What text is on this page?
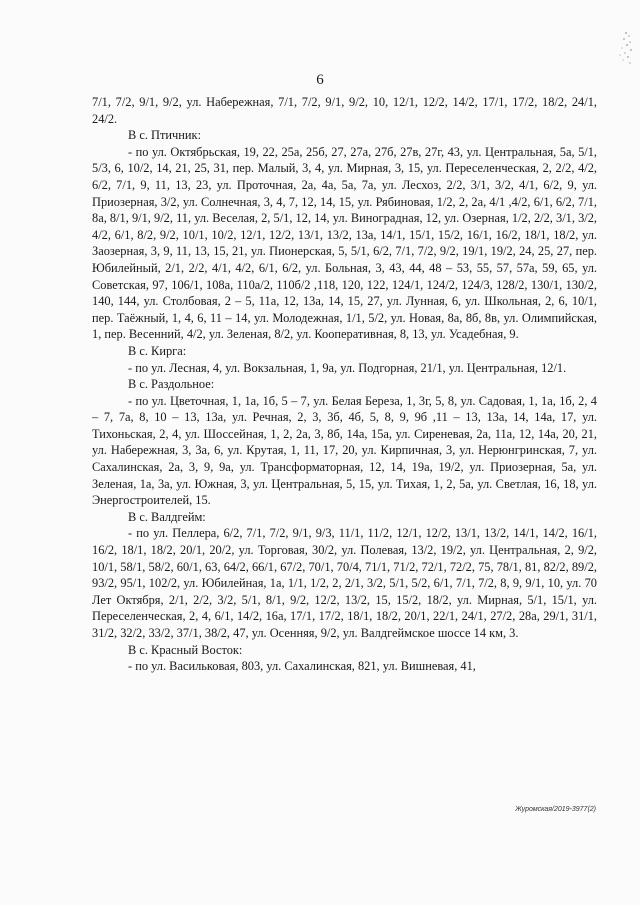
6

7/1, 7/2, 9/1, 9/2, ул. Набережная, 7/1, 7/2, 9/1, 9/2, 10, 12/1, 12/2, 14/2, 17/1, 17/2, 18/2, 24/1, 24/2.

В с. Птичник:

- по ул. Октябрьская, 19, 22, 25а, 25б, 27, 27а, 27б, 27в, 27г, 43, ул. Центральная, 5а, 5/1, 5/3, 6, 10/2, 14, 21, 25, 31, пер. Малый, 3, 4, ул. Мирная, 3, 15, ул. Переселенческая, 2, 2/2, 4/2, 6/2, 7/1, 9, 11, 13, 23, ул. Проточная, 2а, 4а, 5а, 7а, ул. Лесхоз, 2/2, 3/1, 3/2, 4/1, 6/2, 9, ул. Приозерная, 3/2, ул. Солнечная, 3, 4, 7, 12, 14, 15, ул. Рябиновая, 1/2, 2, 2а, 4/1 ,4/2, 6/1, 6/2, 7/1, 8а, 8/1, 9/1, 9/2, 11, ул. Веселая, 2, 5/1, 12, 14, ул. Виноградная, 12, ул. Озерная, 1/2, 2/2, 3/1, 3/2, 4/2, 6/1, 8/2, 9/2, 10/1, 10/2, 12/1, 12/2, 13/1, 13/2, 13а, 14/1, 15/1, 15/2, 16/1, 16/2, 18/1, 18/2, ул. Заозерная, 3, 9, 11, 13, 15, 21, ул. Пионерская, 5, 5/1, 6/2, 7/1, 7/2, 9/2, 19/1, 19/2, 24, 25, 27, пер. Юбилейный, 2/1, 2/2, 4/1, 4/2, 6/1, 6/2, ул. Больная, 3, 43, 44, 48 – 53, 55, 57, 57а, 59, 65, ул. Советская, 97, 106/1, 108а, 110а/2, 110б/2 ,118, 120, 122, 124/1, 124/2, 124/3, 128/2, 130/1, 130/2, 140, 144, ул. Столбовая, 2 – 5, 11а, 12, 13а, 14, 15, 27, ул. Лунная, 6, ул. Школьная, 2, 6, 10/1, пер. Таёжный, 1, 4, 6, 11 – 14, ул. Молодежная, 1/1, 5/2, ул. Новая, 8а, 8б, 8в, ул. Олимпийская, 1, пер. Весенний, 4/2, ул. Зеленая, 8/2, ул. Кооперативная, 8, 13, ул. Усадебная, 9.

В с. Кирга:

- по ул. Лесная, 4, ул. Вокзальная, 1, 9а, ул. Подгорная, 21/1, ул. Центральная, 12/1.

В с. Раздольное:

- по ул. Цветочная, 1, 1а, 1б, 5 – 7, ул. Белая Береза, 1, 3г, 5, 8, ул. Садовая, 1, 1а, 1б, 2, 4 – 7, 7а, 8, 10 – 13, 13а, ул. Речная, 2, 3, 3б, 4б, 5, 8, 9, 9б ,11 – 13, 13а, 14, 14а, 17, ул. Тихоньская, 2, 4, ул. Шоссейная, 1, 2, 2а, 3, 8б, 14а, 15а, ул. Сиреневая, 2а, 11а, 12, 14а, 20, 21, ул. Набережная, 3, 3а, 6, ул. Крутая, 1, 11, 17, 20, ул. Кирпичная, 3, ул. Нерюнгринская, 7, ул. Сахалинская, 2а, 3, 9, 9а, ул. Трансформаторная, 12, 14, 19а, 19/2, ул. Приозерная, 5а, ул. Зеленая, 1а, 3а, ул. Южная, 3, ул. Центральная, 5, 15, ул. Тихая, 1, 2, 5а, ул. Светлая, 16, 18, ул. Энергостроителей, 15.

В с. Валдгейм:

- по ул. Пеллера, 6/2, 7/1, 7/2, 9/1, 9/3, 11/1, 11/2, 12/1, 12/2, 13/1, 13/2, 14/1, 14/2, 16/1, 16/2, 18/1, 18/2, 20/1, 20/2, ул. Торговая, 30/2, ул. Полевая, 13/2, 19/2, ул. Центральная, 2, 9/2, 10/1, 58/1, 58/2, 60/1, 63, 64/2, 66/1, 67/2, 70/1, 70/4, 71/1, 71/2, 72/1, 72/2, 75, 78/1, 81, 82/2, 89/2, 93/2, 95/1, 102/2, ул. Юбилейная, 1а, 1/1, 1/2, 2, 2/1, 3/2, 5/1, 5/2, 6/1, 7/1, 7/2, 8, 9, 9/1, 10, ул. 70 Лет Октября, 2/1, 2/2, 3/2, 5/1, 8/1, 9/2, 12/2, 13/2, 15, 15/2, 18/2, ул. Мирная, 5/1, 15/1, ул. Переселенческая, 2, 4, 6/1, 14/2, 16а, 17/1, 17/2, 18/1, 18/2, 20/1, 22/1, 24/1, 27/2, 28а, 29/1, 31/1, 31/2, 32/2, 33/2, 37/1, 38/2, 47, ул. Осенняя, 9/2, ул. Валдгеймское шоссе 14 км, 3.

В с. Красный Восток:

- по ул. Васильковая, 803, ул. Сахалинская, 821, ул. Вишневая, 41,

Журомская/2019-3977(2)
